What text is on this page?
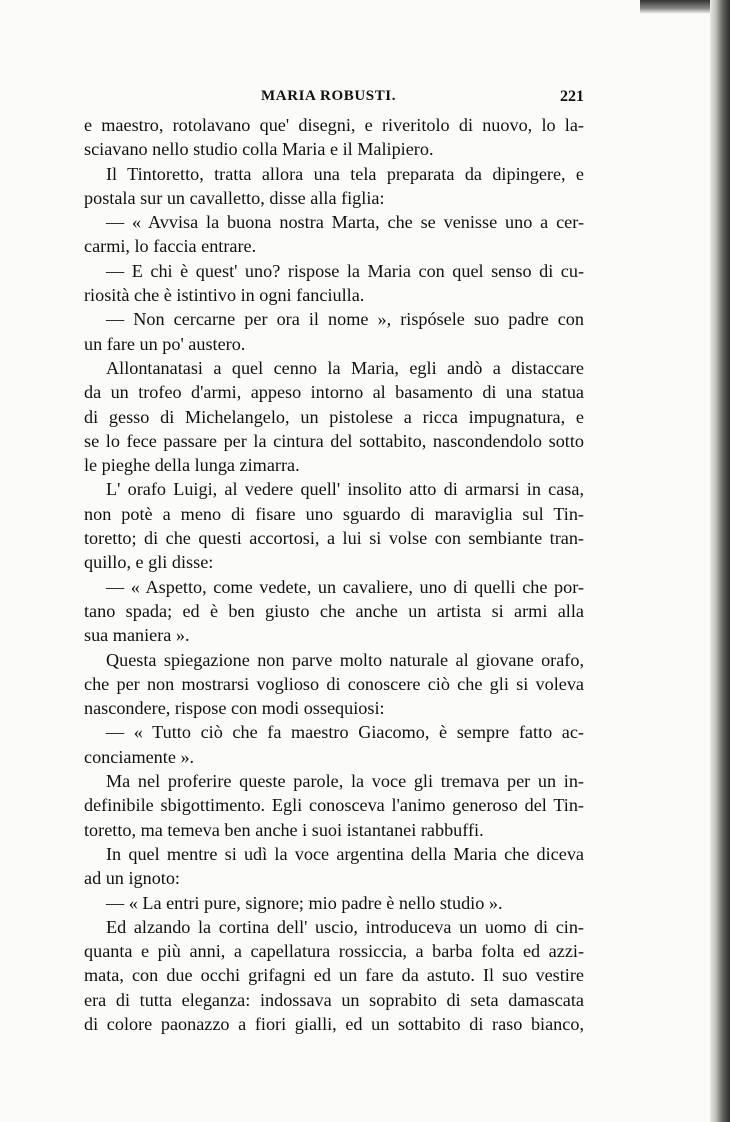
MARIA ROBUSTI.	221
e maestro, rotolavano que' disegni, e riveritolo di nuovo, lo la-
sciavano nello studio colla Maria e il Malipiero.
Il Tintoretto, tratta allora una tela preparata da dipingere, e
postala sur un cavalletto, disse alla figlia:
— « Avvisa la buona nostra Marta, che se venisse uno a cer-
carmi, lo faccia entrare.
— E chi è quest' uno? rispose la Maria con quel senso di cu-
riosità che è istintivo in ogni fanciulla.
— Non cercarne per ora il nome », rispósele suo padre con
un fare un po' austero.
Allontanatasi a quel cenno la Maria, egli andò a distaccare
da un trofeo d'armi, appeso intorno al basamento di una statua
di gesso di Michelangelo, un pistolese a ricca impugnatura, e
se lo fece passare per la cintura del sottabito, nascondendolo sotto
le pieghe della lunga zimarra.
L' orafo Luigi, al vedere quell' insolito atto di armarsi in casa,
non potè a meno di fisare uno sguardo di maraviglia sul Tin-
toretto; di che questi accortosi, a lui si volse con sembiante tran-
quillo, e gli disse:
— « Aspetto, come vedete, un cavaliere, uno di quelli che por-
tano spada; ed è ben giusto che anche un artista si armi alla
sua maniera ».
Questa spiegazione non parve molto naturale al giovane orafo,
che per non mostrarsi voglioso di conoscere ciò che gli si voleva
nascondere, rispose con modi ossequiosi:
— « Tutto ciò che fa maestro Giacomo, è sempre fatto ac-
conciamente ».
Ma nel proferire queste parole, la voce gli tremava per un in-
definibile sbigottimento. Egli conosceva l'animo generoso del Tin-
toretto, ma temeva ben anche i suoi istantanei rabbuffi.
In quel mentre si udì la voce argentina della Maria che diceva
ad un ignoto:
— « La entri pure, signore; mio padre è nello studio ».
Ed alzando la cortina dell' uscio, introduceva un uomo di cin-
quanta e più anni, a capellatura rossiccia, a barba folta ed azzi-
mata, con due occhi grifagni ed un fare da astuto. Il suo vestire
era di tutta eleganza: indossava un soprabito di seta damascata
di colore paonazzo a fiori gialli, ed un sottabito di raso bianco,
